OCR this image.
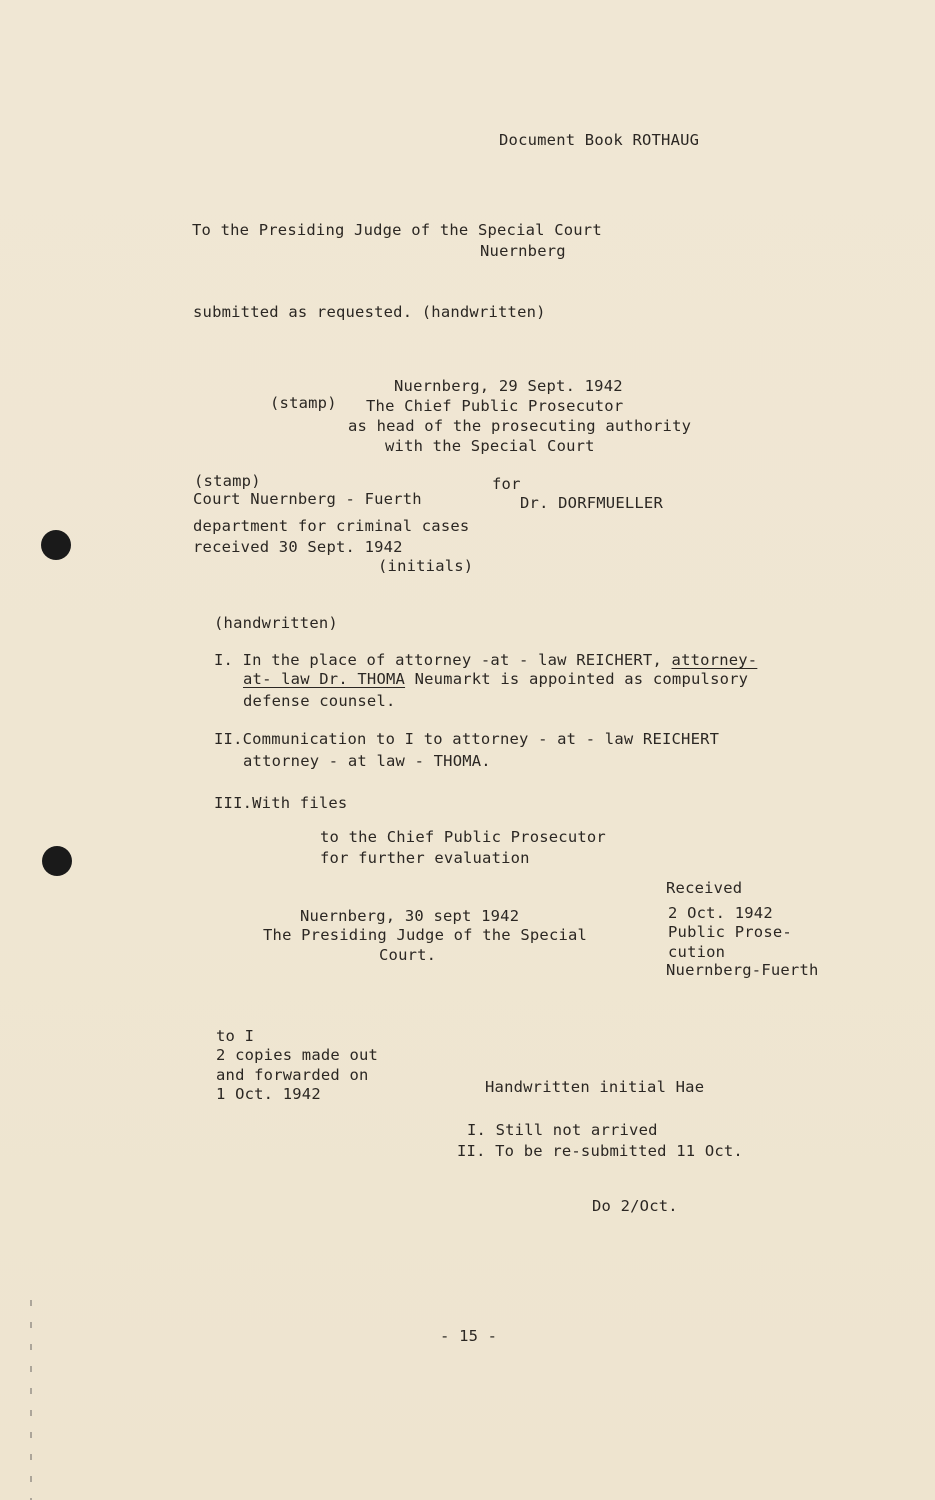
Document Book ROTHAUG
To the Presiding Judge of the Special Court
Nuernberg
submitted as requested. (handwritten)
(stamp)
Nuernberg, 29 Sept. 1942
The Chief Public Prosecutor
as head of the prosecuting authority
with the Special Court
(stamp)
Court Nuernberg - Fuerth
for
Dr. DORFMUELLER
department for criminal cases
received 30 Sept. 1942
(initials)
(handwritten)
I. In the place of attorney -at - law REICHERT, attorney-
at- law Dr. THOMA Neumarkt is appointed as compulsory
defense counsel.
II.Communication to I to attorney - at - law REICHERT
attorney - at law - THOMA.
III.With files
to the Chief Public Prosecutor
for further evaluation
Received
Nuernberg, 30 sept 1942	2 Oct. 1942
The Presiding Judge of the Special	Public Prose-
Court.	cution
Nuernberg-Fuerth
to I
2 copies made out
and forwarded on
Handwritten initial Hae
1 Oct. 1942
I. Still not arrived
II. To be re-submitted 11 Oct.
Do 2/Oct.
- 15 -
